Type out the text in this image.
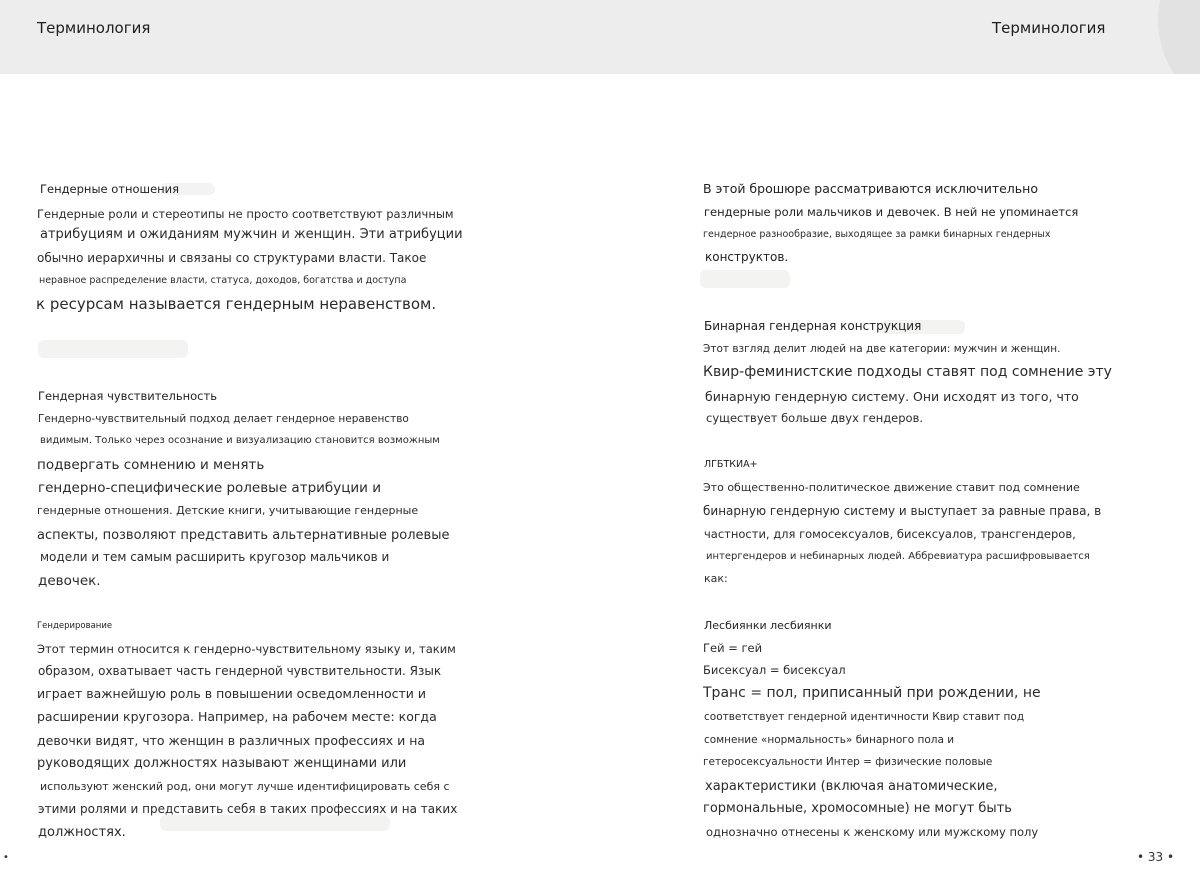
Терминология	Терминология
Гендерные отношения
Гендерные роли и стереотипы не просто соответствуют различным
атрибуциям и ожиданиям мужчин и женщин. Эти атрибуции
обычно иерархичны и связаны со структурами власти. Такое
неравное распределение власти, статуса, доходов, богатства и доступа
к ресурсам называется гендерным неравенством.
Гендерная чувствительность
Гендерно-чувствительный подход делает гендерное неравенство
видимым. Только через осознание и визуализацию становится возможным
подвергать сомнению и менять
гендерно-специфические ролевые атрибуции и
гендерные отношения. Детские книги, учитывающие гендерные
аспекты, позволяют представить альтернативные ролевые
модели и тем самым расширить кругозор мальчиков и
девочек.
Гендерирование
Этот термин относится к гендерно-чувствительному языку и, таким
образом, охватывает часть гендерной чувствительности. Язык
играет важнейшую роль в повышении осведомленности и
расширении кругозора. Например, на рабочем месте: когда
девочки видят, что женщин в различных профессиях и на
руководящих должностях называют женщинами или
используют женский род, они могут лучше идентифицировать себя с
этими ролями и представить себя в таких профессиях и на таких
должностях.
В этой брошюре рассматриваются исключительно
гендерные роли мальчиков и девочек. В ней не упоминается
гендерное разнообразие, выходящее за рамки бинарных гендерных
конструктов.
Бинарная гендерная конструкция
Этот взгляд делит людей на две категории: мужчин и женщин.
Квир-феминистские подходы ставят под сомнение эту
бинарную гендерную систему. Они исходят из того, что
существует больше двух гендеров.
ЛГБТКИА+
Это общественно-политическое движение ставит под сомнение
бинарную гендерную систему и выступает за равные права, в
частности, для гомосексуалов, бисексуалов, трансгендеров,
интергендеров и небинарных людей. Аббревиатура расшифровывается
как:
Лесбиянки лесбиянки
Гей = гей
Бисексуал = бисексуал
Транс = пол, приписанный при рождении, не
соответствует гендерной идентичности Квир ставит под
сомнение «нормальность» бинарного пола и
гетеросексуальности Интер = физические половые
характеристики (включая анатомические,
гормональные, хромосомные) не могут быть
однозначно отнесены к женскому или мужскому полу
•	• 33 •
